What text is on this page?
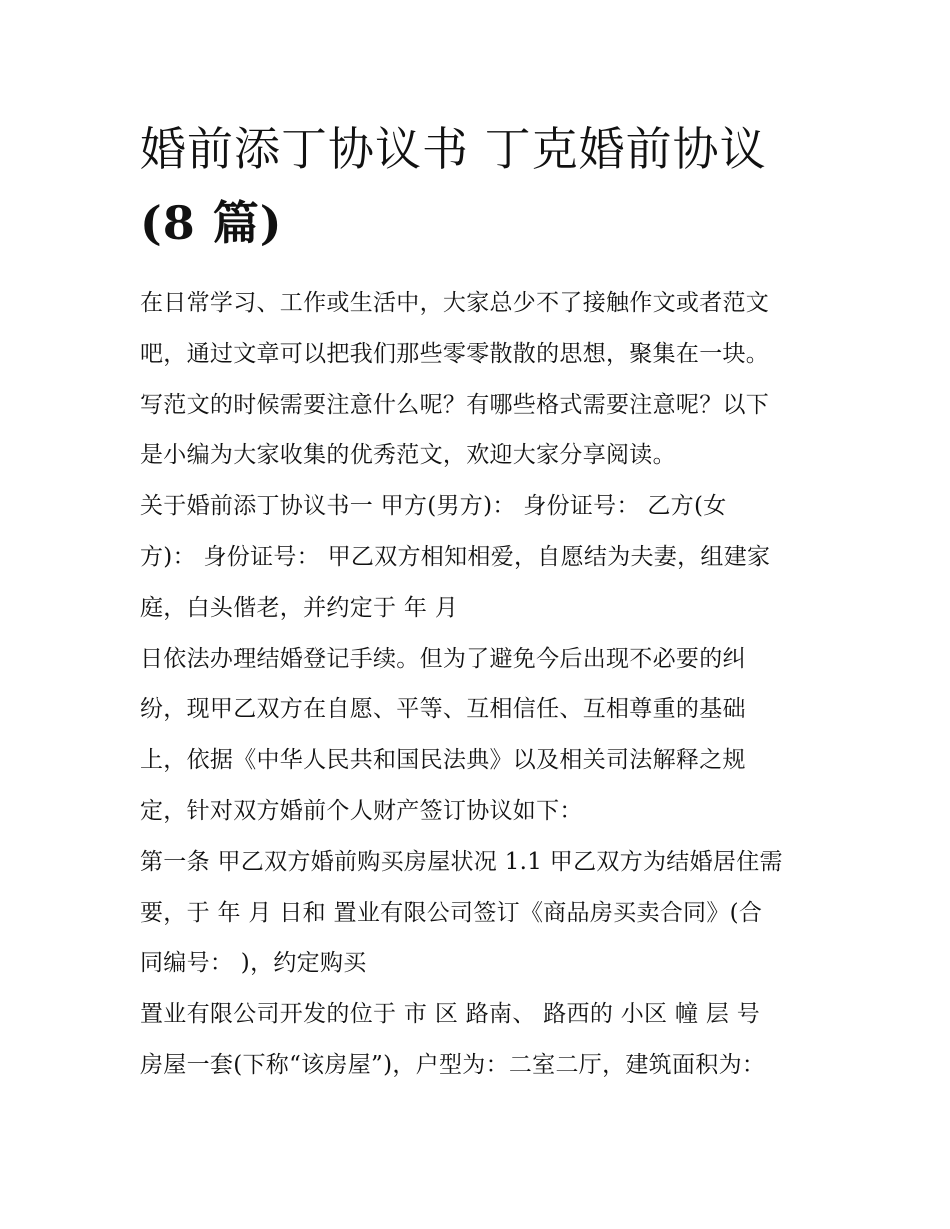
婚前添丁协议书 丁克婚前协议
(8 篇)
在日常学习、工作或生活中，大家总少不了接触作文或者范文
吧，通过文章可以把我们那些零零散散的思想，聚集在一块。
写范文的时候需要注意什么呢？有哪些格式需要注意呢？以下
是小编为大家收集的优秀范文，欢迎大家分享阅读。
关于婚前添丁协议书一 甲方(男方)： 身份证号： 乙方(女
方)： 身份证号： 甲乙双方相知相爱，自愿结为夫妻，组建家
庭，白头偕老，并约定于 年 月
日依法办理结婚登记手续。但为了避免今后出现不必要的纠
纷，现甲乙双方在自愿、平等、互相信任、互相尊重的基础
上，依据《中华人民共和国民法典》以及相关司法解释之规
定，针对双方婚前个人财产签订协议如下：
第一条 甲乙双方婚前购买房屋状况 1.1 甲乙双方为结婚居住需
要，于 年 月 日和 置业有限公司签订《商品房买卖合同》(合
同编号： )，约定购买
置业有限公司开发的位于 市 区 路南、 路西的 小区 幢 层 号
房屋一套(下称“该房屋”)，户型为：二室二厅，建筑面积为：
